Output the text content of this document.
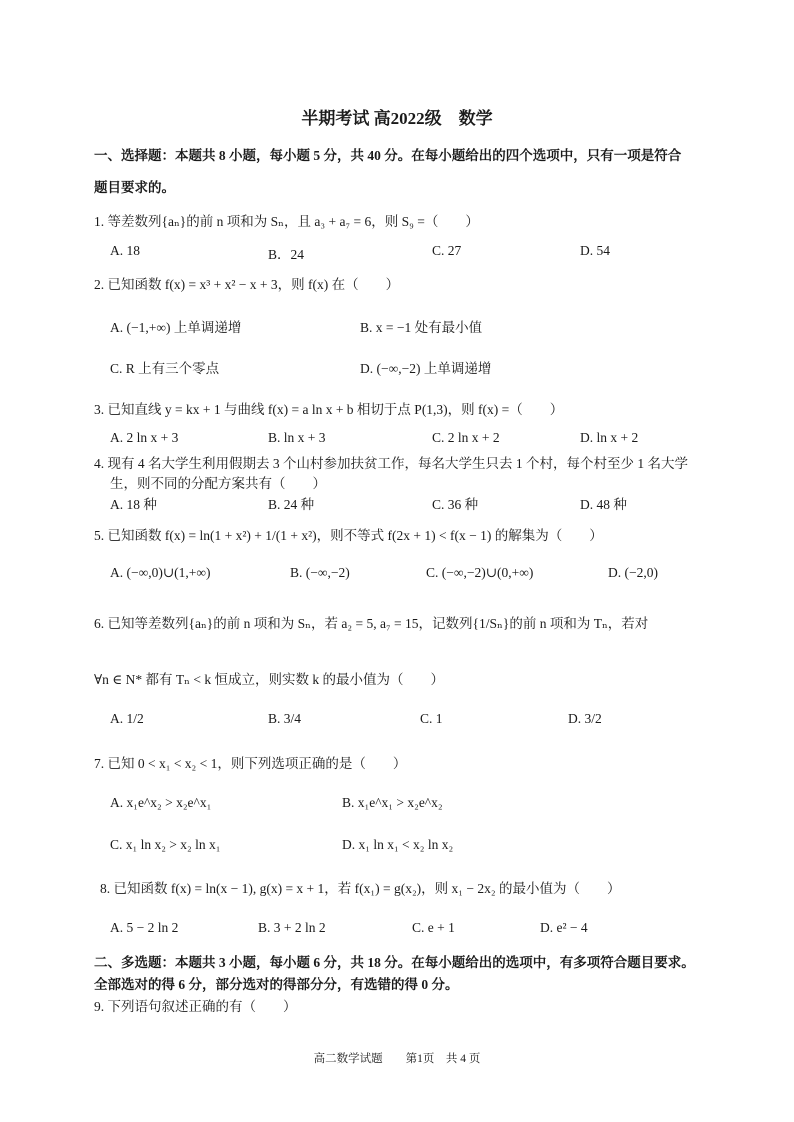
半期考试 高2022级　数学
一、选择题：本题共 8 小题，每小题 5 分，共 40 分。在每小题给出的四个选项中，只有一项是符合
题目要求的。
1. 等差数列{aₙ}的前 n 项和为 Sₙ，且 a₃ + a₇ = 6，则 S₉ =（　　）
A. 18	B．24	C. 27	D. 54
2. 已知函数 f(x) = x³ + x² − x + 3，则 f(x) 在（　　）
A. (−1,+∞) 上单调递增	B. x = −1 处有最小值
C. R 上有三个零点	D. (−∞,−2) 上单调递增
3. 已知直线 y = kx + 1 与曲线 f(x) = a ln x + b 相切于点 P(1,3)，则 f(x) =（　　）
A. 2 ln x + 3	B. ln x + 3	C. 2 ln x + 2	D. ln x + 2
4. 现有 4 名大学生利用假期去 3 个山村参加扶贫工作，每名大学生只去 1 个村，每个村至少 1 名大学
生，则不同的分配方案共有（　　）
A. 18 种	B. 24 种	C. 36 种	D. 48 种
5. 已知函数 f(x) = ln(1 + x²) + 1/(1 + x²)，则不等式 f(2x + 1) < f(x − 1) 的解集为（　　）
A. (−∞,0)∪(1,+∞)	B. (−∞,−2)	C. (−∞,−2)∪(0,+∞)	D. (−2,0)
6. 已知等差数列{aₙ}的前 n 项和为 Sₙ，若 a₂ = 5, a₇ = 15，记数列{1/Sₙ}的前 n 项和为 Tₙ，若对
∀n ∈ N* 都有 Tₙ < k 恒成立，则实数 k 的最小值为（　　）
A. 1/2	B. 3/4	C. 1	D. 3/2
7. 已知 0 < x₁ < x₂ < 1，则下列选项正确的是（　　）
A. x₁e^x₂ > x₂e^x₁	B. x₁e^x₁ > x₂e^x₂
C. x₁ ln x₂ > x₂ ln x₁	D. x₁ ln x₁ < x₂ ln x₂
8. 已知函数 f(x) = ln(x − 1), g(x) = x + 1，若 f(x₁) = g(x₂)，则 x₁ − 2x₂ 的最小值为（　　）
A. 5 − 2 ln 2	B. 3 + 2 ln 2	C. e + 1	D. e² − 4
二、多选题：本题共 3 小题，每小题 6 分，共 18 分。在每小题给出的选项中，有多项符合题目要求。
全部选对的得 6 分，部分选对的得部分分，有选错的得 0 分。
9. 下列语句叙述正确的有（　　）
高二数学试题　　第1页　共 4 页
